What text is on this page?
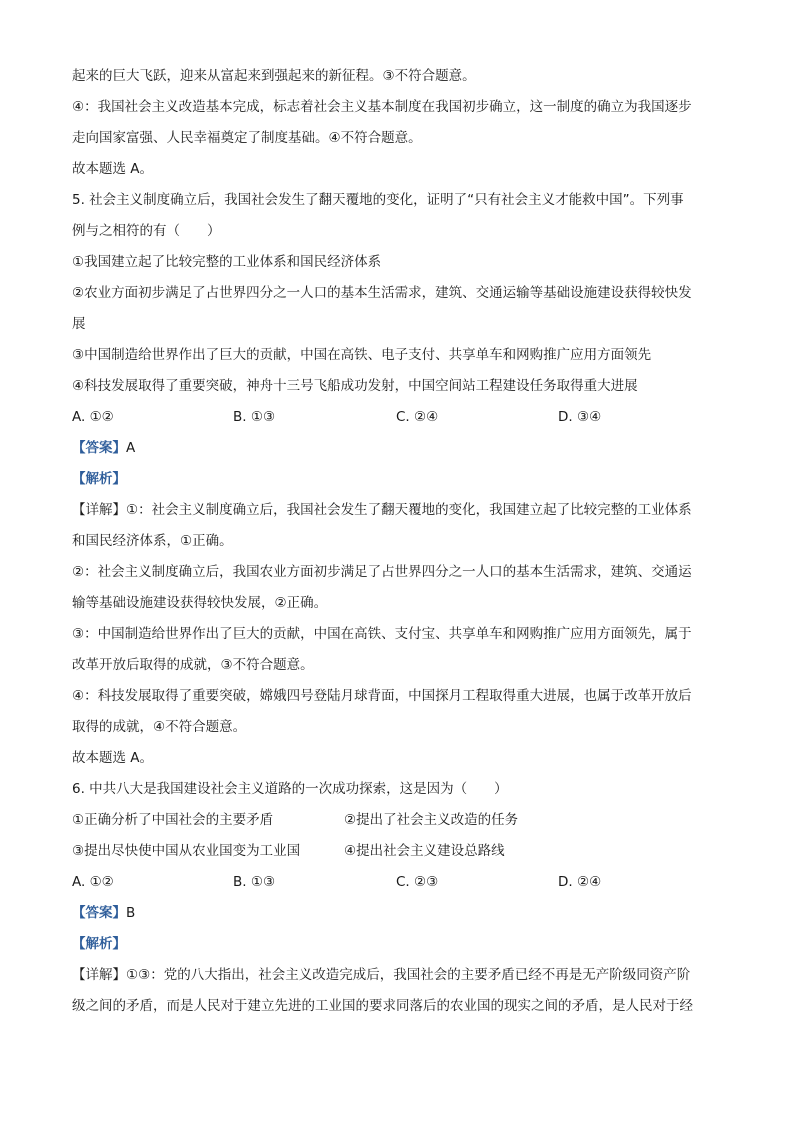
起来的巨大飞跃，迎来从富起来到强起来的新征程。③不符合题意。
④：我国社会主义改造基本完成，标志着社会主义基本制度在我国初步确立，这一制度的确立为我国逐步
走向国家富强、人民幸福奠定了制度基础。④不符合题意。
故本题选 A。
5. 社会主义制度确立后，我国社会发生了翻天覆地的变化，证明了“只有社会主义才能救中国”。下列事
例与之相符的有（　　）
①我国建立起了比较完整的工业体系和国民经济体系
②农业方面初步满足了占世界四分之一人口的基本生活需求，建筑、交通运输等基础设施建设获得较快发
展
③中国制造给世界作出了巨大的贡献，中国在高铁、电子支付、共享单车和网购推广应用方面领先
④科技发展取得了重要突破，神舟十三号飞船成功发射，中国空间站工程建设任务取得重大进展
A. ①②	B. ①③	C. ②④	D. ③④
【答案】A
【解析】
【详解】①：社会主义制度确立后，我国社会发生了翻天覆地的变化，我国建立起了比较完整的工业体系
和国民经济体系，①正确。
②：社会主义制度确立后，我国农业方面初步满足了占世界四分之一人口的基本生活需求，建筑、交通运
输等基础设施建设获得较快发展，②正确。
③：中国制造给世界作出了巨大的贡献，中国在高铁、支付宝、共享单车和网购推广应用方面领先，属于
改革开放后取得的成就，③不符合题意。
④：科技发展取得了重要突破，嫦娥四号登陆月球背面，中国探月工程取得重大进展，也属于改革开放后
取得的成就，④不符合题意。
故本题选 A。
6. 中共八大是我国建设社会主义道路的一次成功探索，这是因为（　　）
①正确分析了中国社会的主要矛盾	②提出了社会主义改造的任务
③提出尽快使中国从农业国变为工业国	④提出社会主义建设总路线
A. ①②	B. ①③	C. ②③	D. ②④
【答案】B
【解析】
【详解】①③：党的八大指出，社会主义改造完成后，我国社会的主要矛盾已经不再是无产阶级同资产阶
级之间的矛盾，而是人民对于建立先进的工业国的要求同落后的农业国的现实之间的矛盾，是人民对于经
